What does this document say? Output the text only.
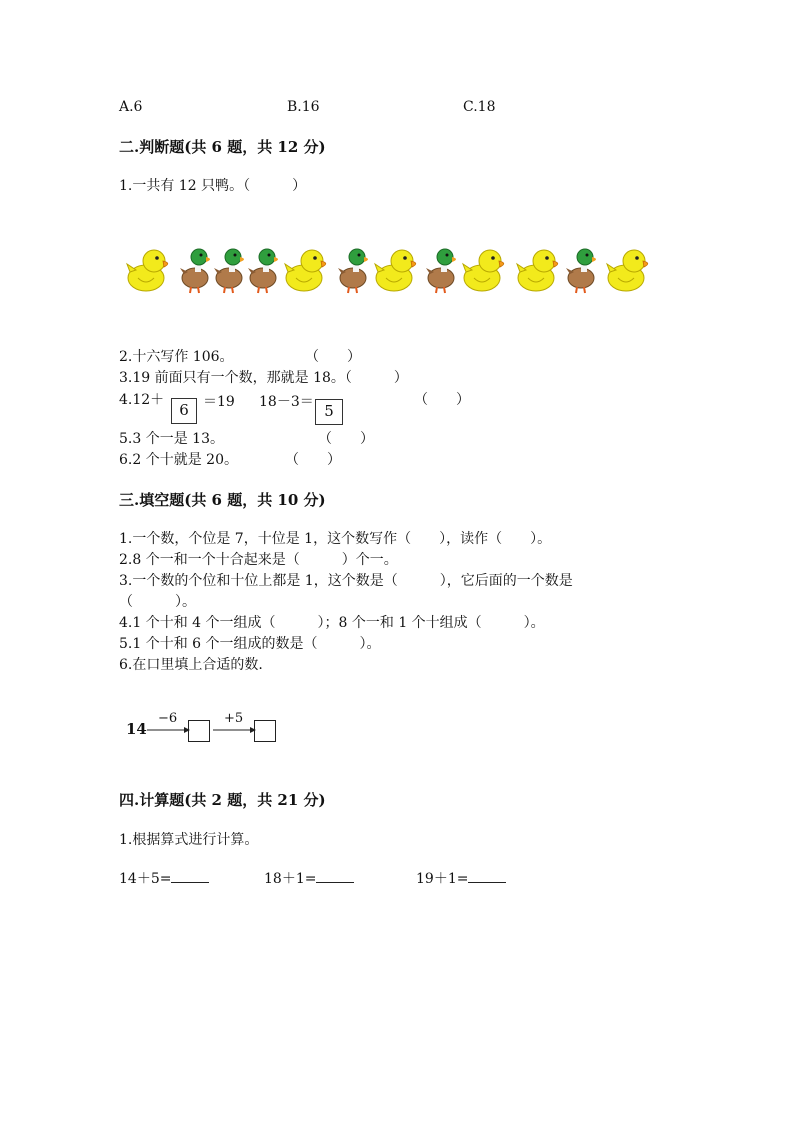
A.6	B.16	C.18
二.判断题(共 6 题，共 12 分)
1.一共有 12 只鸭。（　　　）
2.十六写作 106。	（　　）
3.19 前面只有一个数，那就是 18。（　　　）
4.12＋
6	＝19 18－3＝ 5
（　　）
5.3 个一是 13。	（　　）
6.2 个十就是 20。	（　　）
三.填空题(共 6 题，共 10 分)
1.一个数，个位是 7，十位是 1，这个数写作（　　），读作（　　）。
2.8 个一和一个十合起来是（　　　）个一。
3.一个数的个位和十位上都是 1，这个数是（　　　），它后面的一个数是
（　　　）。
4.1 个十和 4 个一组成（　　　）；8 个一和 1 个十组成（　　　）。
5.1 个十和 6 个一组成的数是（　　　）。
6.在口里填上合适的数.
14
−6	+5
四.计算题(共 2 题，共 21 分)
1.根据算式进行计算。
14＋5=	18＋1=	19＋1=
